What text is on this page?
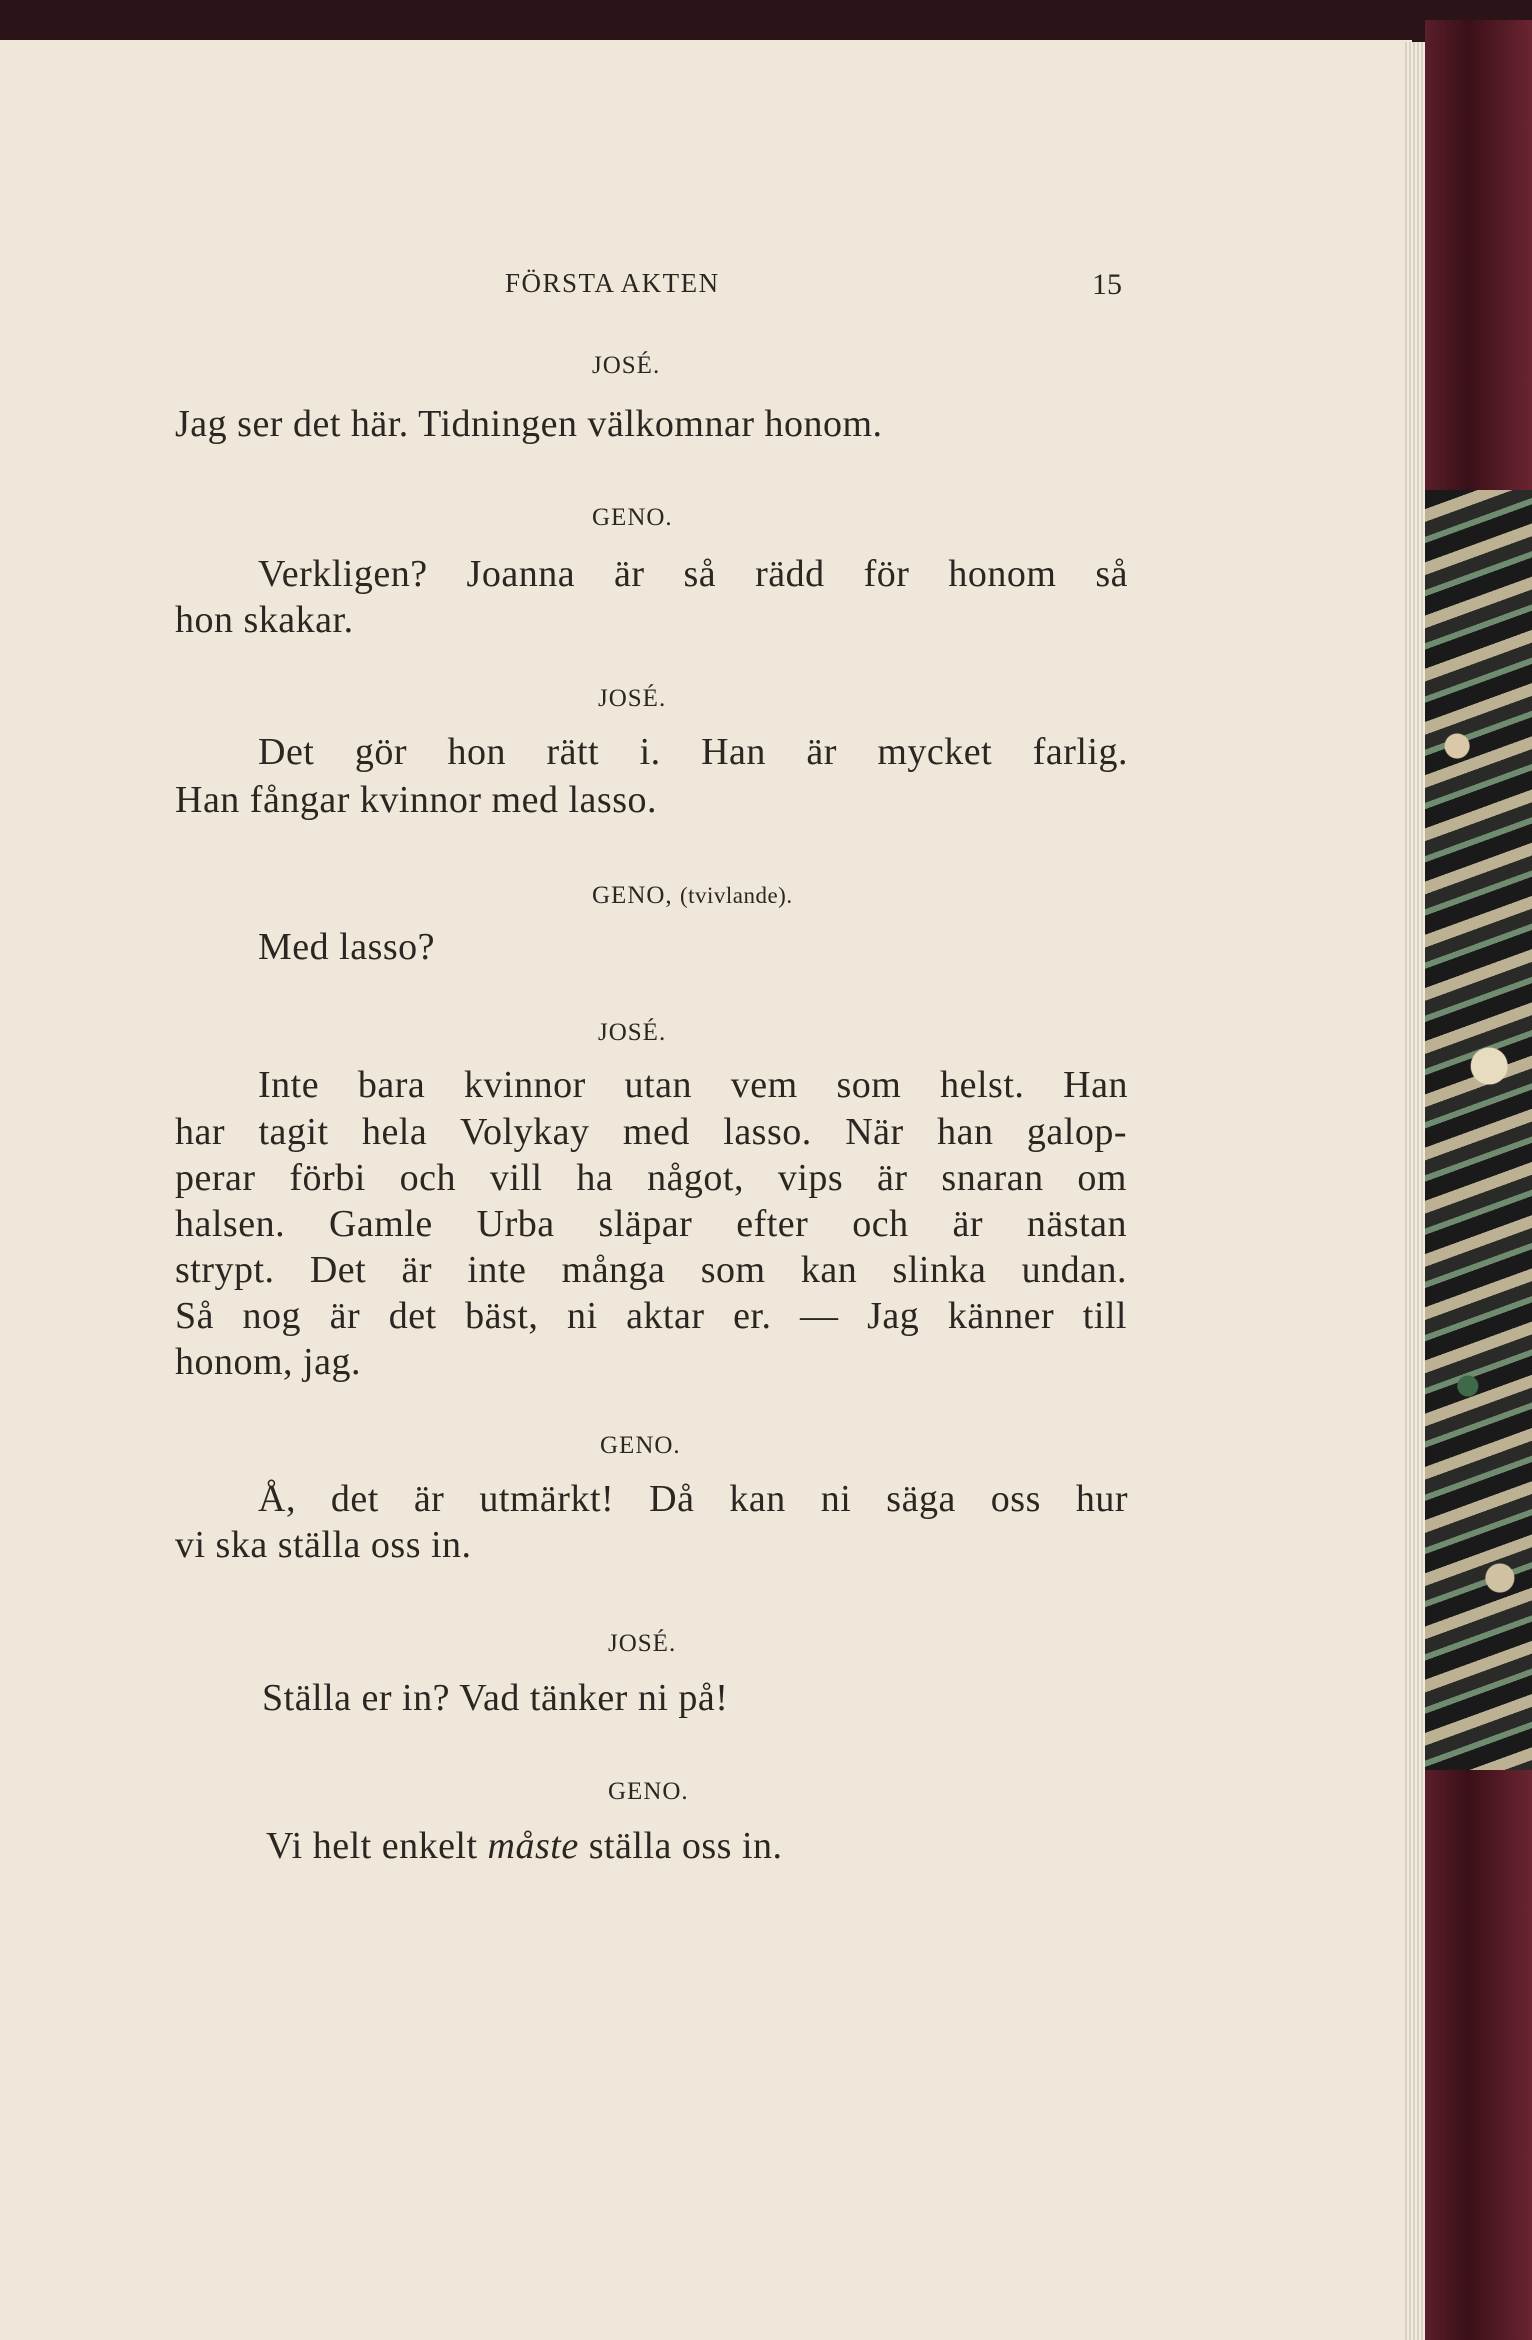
FÖRSTA AKTEN	15

JOSÉ.

Jag ser det här. Tidningen välkomnar honom.

GENO.

Verkligen? Joanna är så rädd för honom så

hon skakar.

JOSÉ.

Det gör hon rätt i. Han är mycket farlig.

Han fångar kvinnor med lasso.

GENO, (tvivlande).

Med lasso?

JOSÉ.

Inte bara kvinnor utan vem som helst. Han

har tagit hela Volykay med lasso. När han galop-

perar förbi och vill ha något, vips är snaran om

halsen. Gamle Urba släpar efter och är nästan

strypt. Det är inte många som kan slinka undan.

Så nog är det bäst, ni aktar er. — Jag känner till

honom, jag.

GENO.

Å, det är utmärkt! Då kan ni säga oss hur

vi ska ställa oss in.

JOSÉ.

Ställa er in? Vad tänker ni på!

GENO.

Vi helt enkelt måste ställa oss in.
